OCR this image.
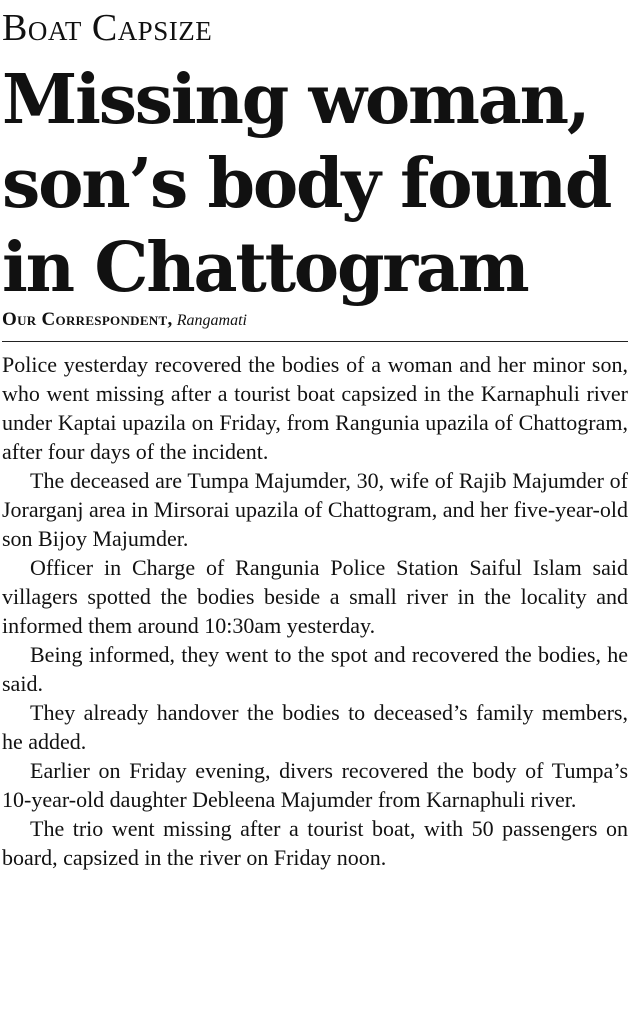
Boat Capsize
Missing woman,
son’s body found
in Chattogram
Our Correspondent, Rangamati

Police yesterday recovered the bodies of a woman and her minor son, who went missing after a tourist boat capsized in the Karnaphuli river under Kaptai upazila on Friday, from Rangunia upazila of Chattogram, after four days of the incident.

The deceased are Tumpa Majumder, 30, wife of Rajib Majumder of Jorarganj area in Mirsorai upazila of Chattogram, and her five-year-old son Bijoy Majumder.

Officer in Charge of Rangunia Police Station Saiful Islam said villagers spotted the bodies beside a small river in the locality and informed them around 10:30am yesterday.

Being informed, they went to the spot and recovered the bodies, he said.

They already handover the bodies to deceased’s family members, he added.

Earlier on Friday evening, divers recovered the body of Tumpa’s 10-year-old daughter Debleena Majumder from Karnaphuli river.

The trio went missing after a tourist boat, with 50 passengers on board, capsized in the river on Friday noon.
